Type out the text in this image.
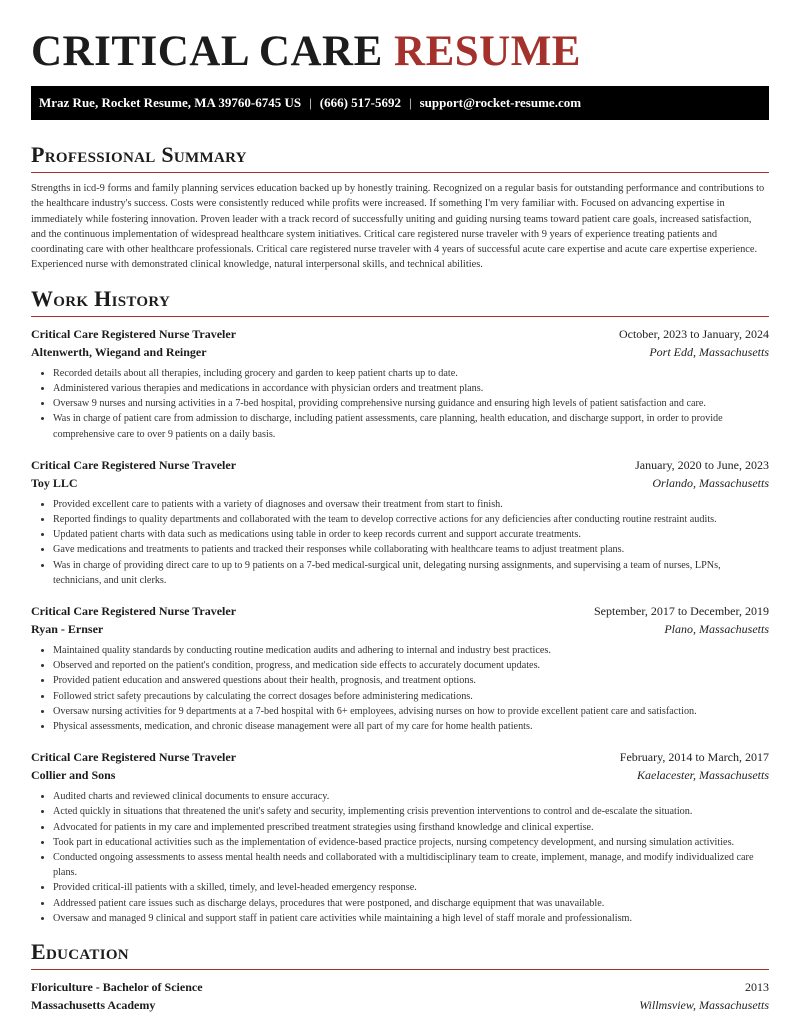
CRITICAL CARE RESUME
Mraz Rue, Rocket Resume, MA 39760-6745 US | (666) 517-5692 | support@rocket-resume.com
Professional Summary

Strengths in icd-9 forms and family planning services education backed up by honestly training. Recognized on a regular basis for outstanding performance and contributions to the healthcare industry's success. Costs were consistently reduced while profits were increased. If something I'm very familiar with. Focused on advancing expertise in immediately while fostering innovation. Proven leader with a track record of successfully uniting and guiding nursing teams toward patient care goals, increased satisfaction, and the continuous implementation of widespread healthcare system initiatives. Critical care registered nurse traveler with 9 years of experience treating patients and coordinating care with other healthcare professionals. Critical care registered nurse traveler with 4 years of successful acute care expertise and acute care expertise experience. Experienced nurse with demonstrated clinical knowledge, natural interpersonal skills, and technical abilities.

Work History
Critical Care Registered Nurse Traveler	October, 2023 to January, 2024
Altenwerth, Wiegand and Reinger	Port Edd, Massachusetts
• Recorded details about all therapies, including grocery and garden to keep patient charts up to date.
• Administered various therapies and medications in accordance with physician orders and treatment plans.
• Oversaw 9 nurses and nursing activities in a 7-bed hospital, providing comprehensive nursing guidance and ensuring high levels of patient satisfaction and care.
• Was in charge of patient care from admission to discharge, including patient assessments, care planning, health education, and discharge support, in order to provide comprehensive care to over 9 patients on a daily basis.
Critical Care Registered Nurse Traveler	January, 2020 to June, 2023
Toy LLC	Orlando, Massachusetts
• Provided excellent care to patients with a variety of diagnoses and oversaw their treatment from start to finish.
• Reported findings to quality departments and collaborated with the team to develop corrective actions for any deficiencies after conducting routine restraint audits.
• Updated patient charts with data such as medications using table in order to keep records current and support accurate treatments.
• Gave medications and treatments to patients and tracked their responses while collaborating with healthcare teams to adjust treatment plans.
• Was in charge of providing direct care to up to 9 patients on a 7-bed medical-surgical unit, delegating nursing assignments, and supervising a team of nurses, LPNs, technicians, and unit clerks.
Critical Care Registered Nurse Traveler	September, 2017 to December, 2019
Ryan - Ernser	Plano, Massachusetts
• Maintained quality standards by conducting routine medication audits and adhering to internal and industry best practices.
• Observed and reported on the patient's condition, progress, and medication side effects to accurately document updates.
• Provided patient education and answered questions about their health, prognosis, and treatment options.
• Followed strict safety precautions by calculating the correct dosages before administering medications.
• Oversaw nursing activities for 9 departments at a 7-bed hospital with 6+ employees, advising nurses on how to provide excellent patient care and satisfaction.
• Physical assessments, medication, and chronic disease management were all part of my care for home health patients.
Critical Care Registered Nurse Traveler	February, 2014 to March, 2017
Collier and Sons	Kaelacester, Massachusetts
• Audited charts and reviewed clinical documents to ensure accuracy.
• Acted quickly in situations that threatened the unit's safety and security, implementing crisis prevention interventions to control and de-escalate the situation.
• Advocated for patients in my care and implemented prescribed treatment strategies using firsthand knowledge and clinical expertise.
• Took part in educational activities such as the implementation of evidence-based practice projects, nursing competency development, and nursing simulation activities.
• Conducted ongoing assessments to assess mental health needs and collaborated with a multidisciplinary team to create, implement, manage, and modify individualized care plans.
• Provided critical-ill patients with a skilled, timely, and level-headed emergency response.
• Addressed patient care issues such as discharge delays, procedures that were postponed, and discharge equipment that was unavailable.
• Oversaw and managed 9 clinical and support staff in patient care activities while maintaining a high level of staff morale and professionalism.
Education
Floriculture - Bachelor of Science	2013
Massachusetts Academy	Willmsview, Massachusetts
